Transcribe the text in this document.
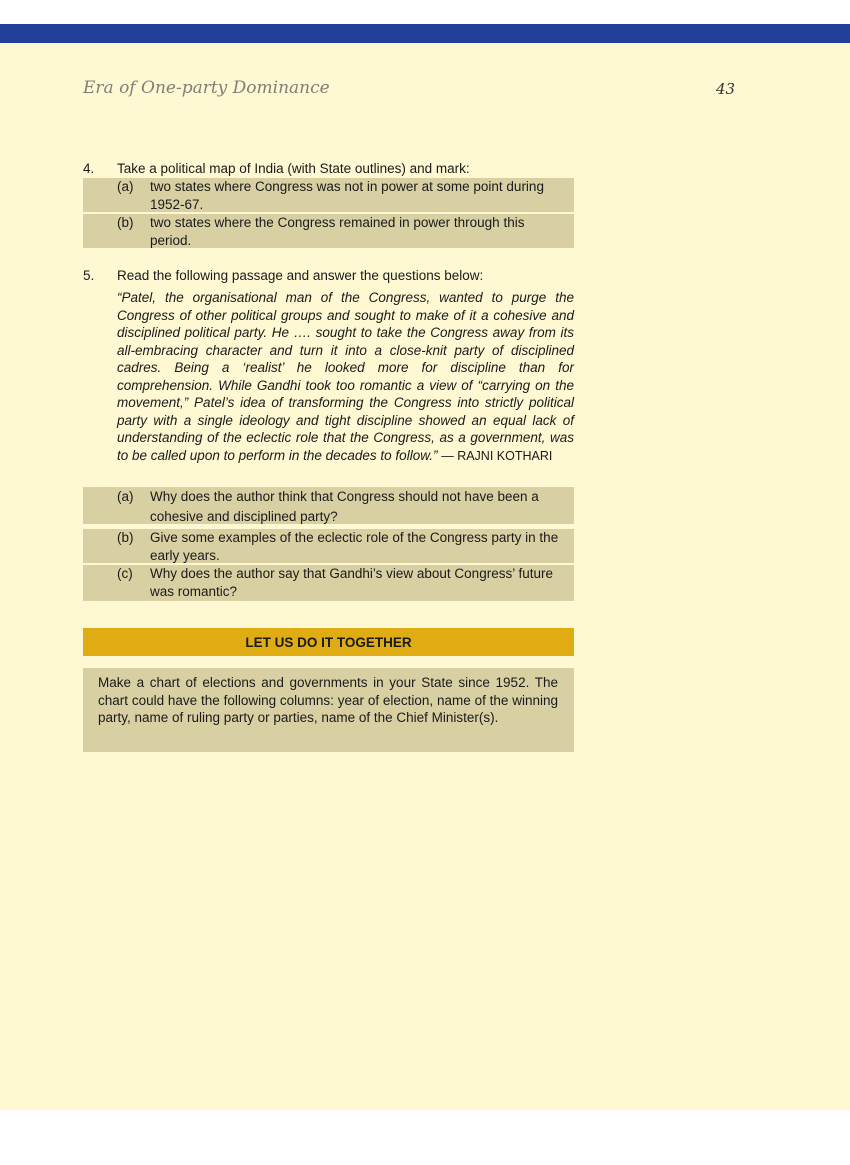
Era of One-party Dominance	43
4. Take a political map of India (with State outlines) and mark:
(a) two states where Congress was not in power at some point during 1952-67.
(b) two states where the Congress remained in power through this period.
5. Read the following passage and answer the questions below:
“Patel, the organisational man of the Congress, wanted to purge the Congress of other political groups and sought to make of it a cohesive and disciplined political party. He …. sought to take the Congress away from its all-embracing character and turn it into a close-knit party of disciplined cadres. Being a ‘realist’ he looked more for discipline than for comprehension. While Gandhi took too romantic a view of “carrying on the movement,” Patel’s idea of transforming the Congress into strictly political party with a single ideology and tight discipline showed an equal lack of understanding of the eclectic role that the Congress, as a government, was to be called upon to perform in the decades to follow.” — RAJNI KOTHARI
(a) Why does the author think that Congress should not have been a cohesive and disciplined party?
(b) Give some examples of the eclectic role of the Congress party in the early years.
(c) Why does the author say that Gandhi’s view about Congress’ future was romantic?
LET US DO IT TOGETHER
Make a chart of elections and governments in your State since 1952. The chart could have the following columns: year of election, name of the winning party, name of ruling party or parties, name of the Chief Minister(s).
